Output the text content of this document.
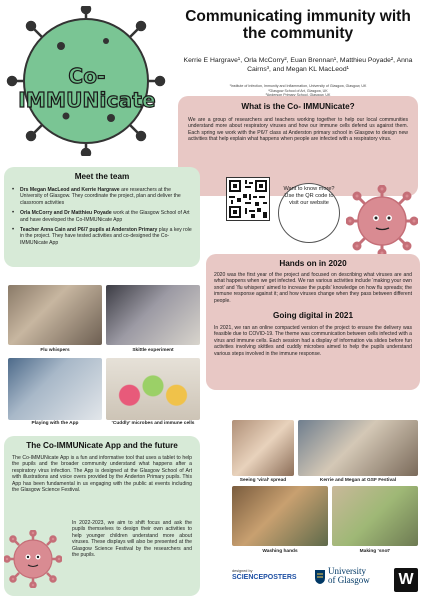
Co-IMMUNicate
Communicating immunity with the community
Kerrie E Hargrave¹, Orla McCorry², Euan Brennan¹, Matthieu Poyade², Anna Cairns³, and Megan KL MacLeod¹
¹Institute of Infection, Immunity and Inflammation, University of Glasgow, Glasgow, UK
²Glasgow School of Art, Glasgow, UK
What is the Co- IMMUNicate?

We are a group of researchers and teachers working together to help our local communities understand more about respiratory viruses and how our immune cells defend us against them. Each spring we work with the P6/7 class at Anderston primary school in Glasgow to design new activities that help explain what happens when people are infected with a respiratory virus.

Meet the team
• Drs Megan MacLeod and Kerrie Hargrave are researchers at the University of Glasgow. They coordinate the project, plan and deliver the classroom activities
• Orla McCorry and Dr Matthieu Poyade work at the Glasgow School of Art and have developed the Co-IMMUNicate App
• Teacher Anna Cain and P6/7 pupils at Anderston Primary play a key role in the project. They have tested activities and co-designed the Co-IMMUNicate App
Want to know more? Use the QR code to visit our website
Flu whispers	Skittle experiment
Playing with the App	‘Cuddly’ microbes and immune cells
Hands on in 2020

2020 was the first year of the project and focused on describing what viruses are and what happens when we get infected. We ran various activities include ‘making your own snot’ and ‘flu whispers’ aimed to increase the pupils’ knowledge on how flu spreads; the immune response against it; and how viruses change when they pass between different people.

Going digital in 2021

In 2021, we ran an online compacted version of the project to ensure the delivery was feasible due to COVID-19. The theme was communication between cells infected with a virus and immune cells. Each session had a display of information via slides before fun activities involving skittles and cuddly microbes aimed to help the pupils understand various steps involved in the immune response.

Seeing ‘viral’ spread	Kerrie and Megan at GSF Festival
Washing hands	Making ‘snot’
The Co-IMMUNicate App and the future

The Co-IMMUNicate App is a fun and informative tool that uses a tablet to help the pupils and the broader community understand what happens after a respiratory virus infection. The App is designed at the Glasgow School of Art with illustrations and voice overs provided by the Anderton Primary pupils. This App has been fundamental in us engaging with the public at events including the Glasgow Science Festival.

In 2022-2023, we aim to shift focus and ask the pupils themselves to design their own activities to help younger children understand more about viruses. These displays will also be presented at the Glasgow Science Festival by the researchers and the pupils.

designed by
SCIENCEPOSTERS
University
of Glasgow W
